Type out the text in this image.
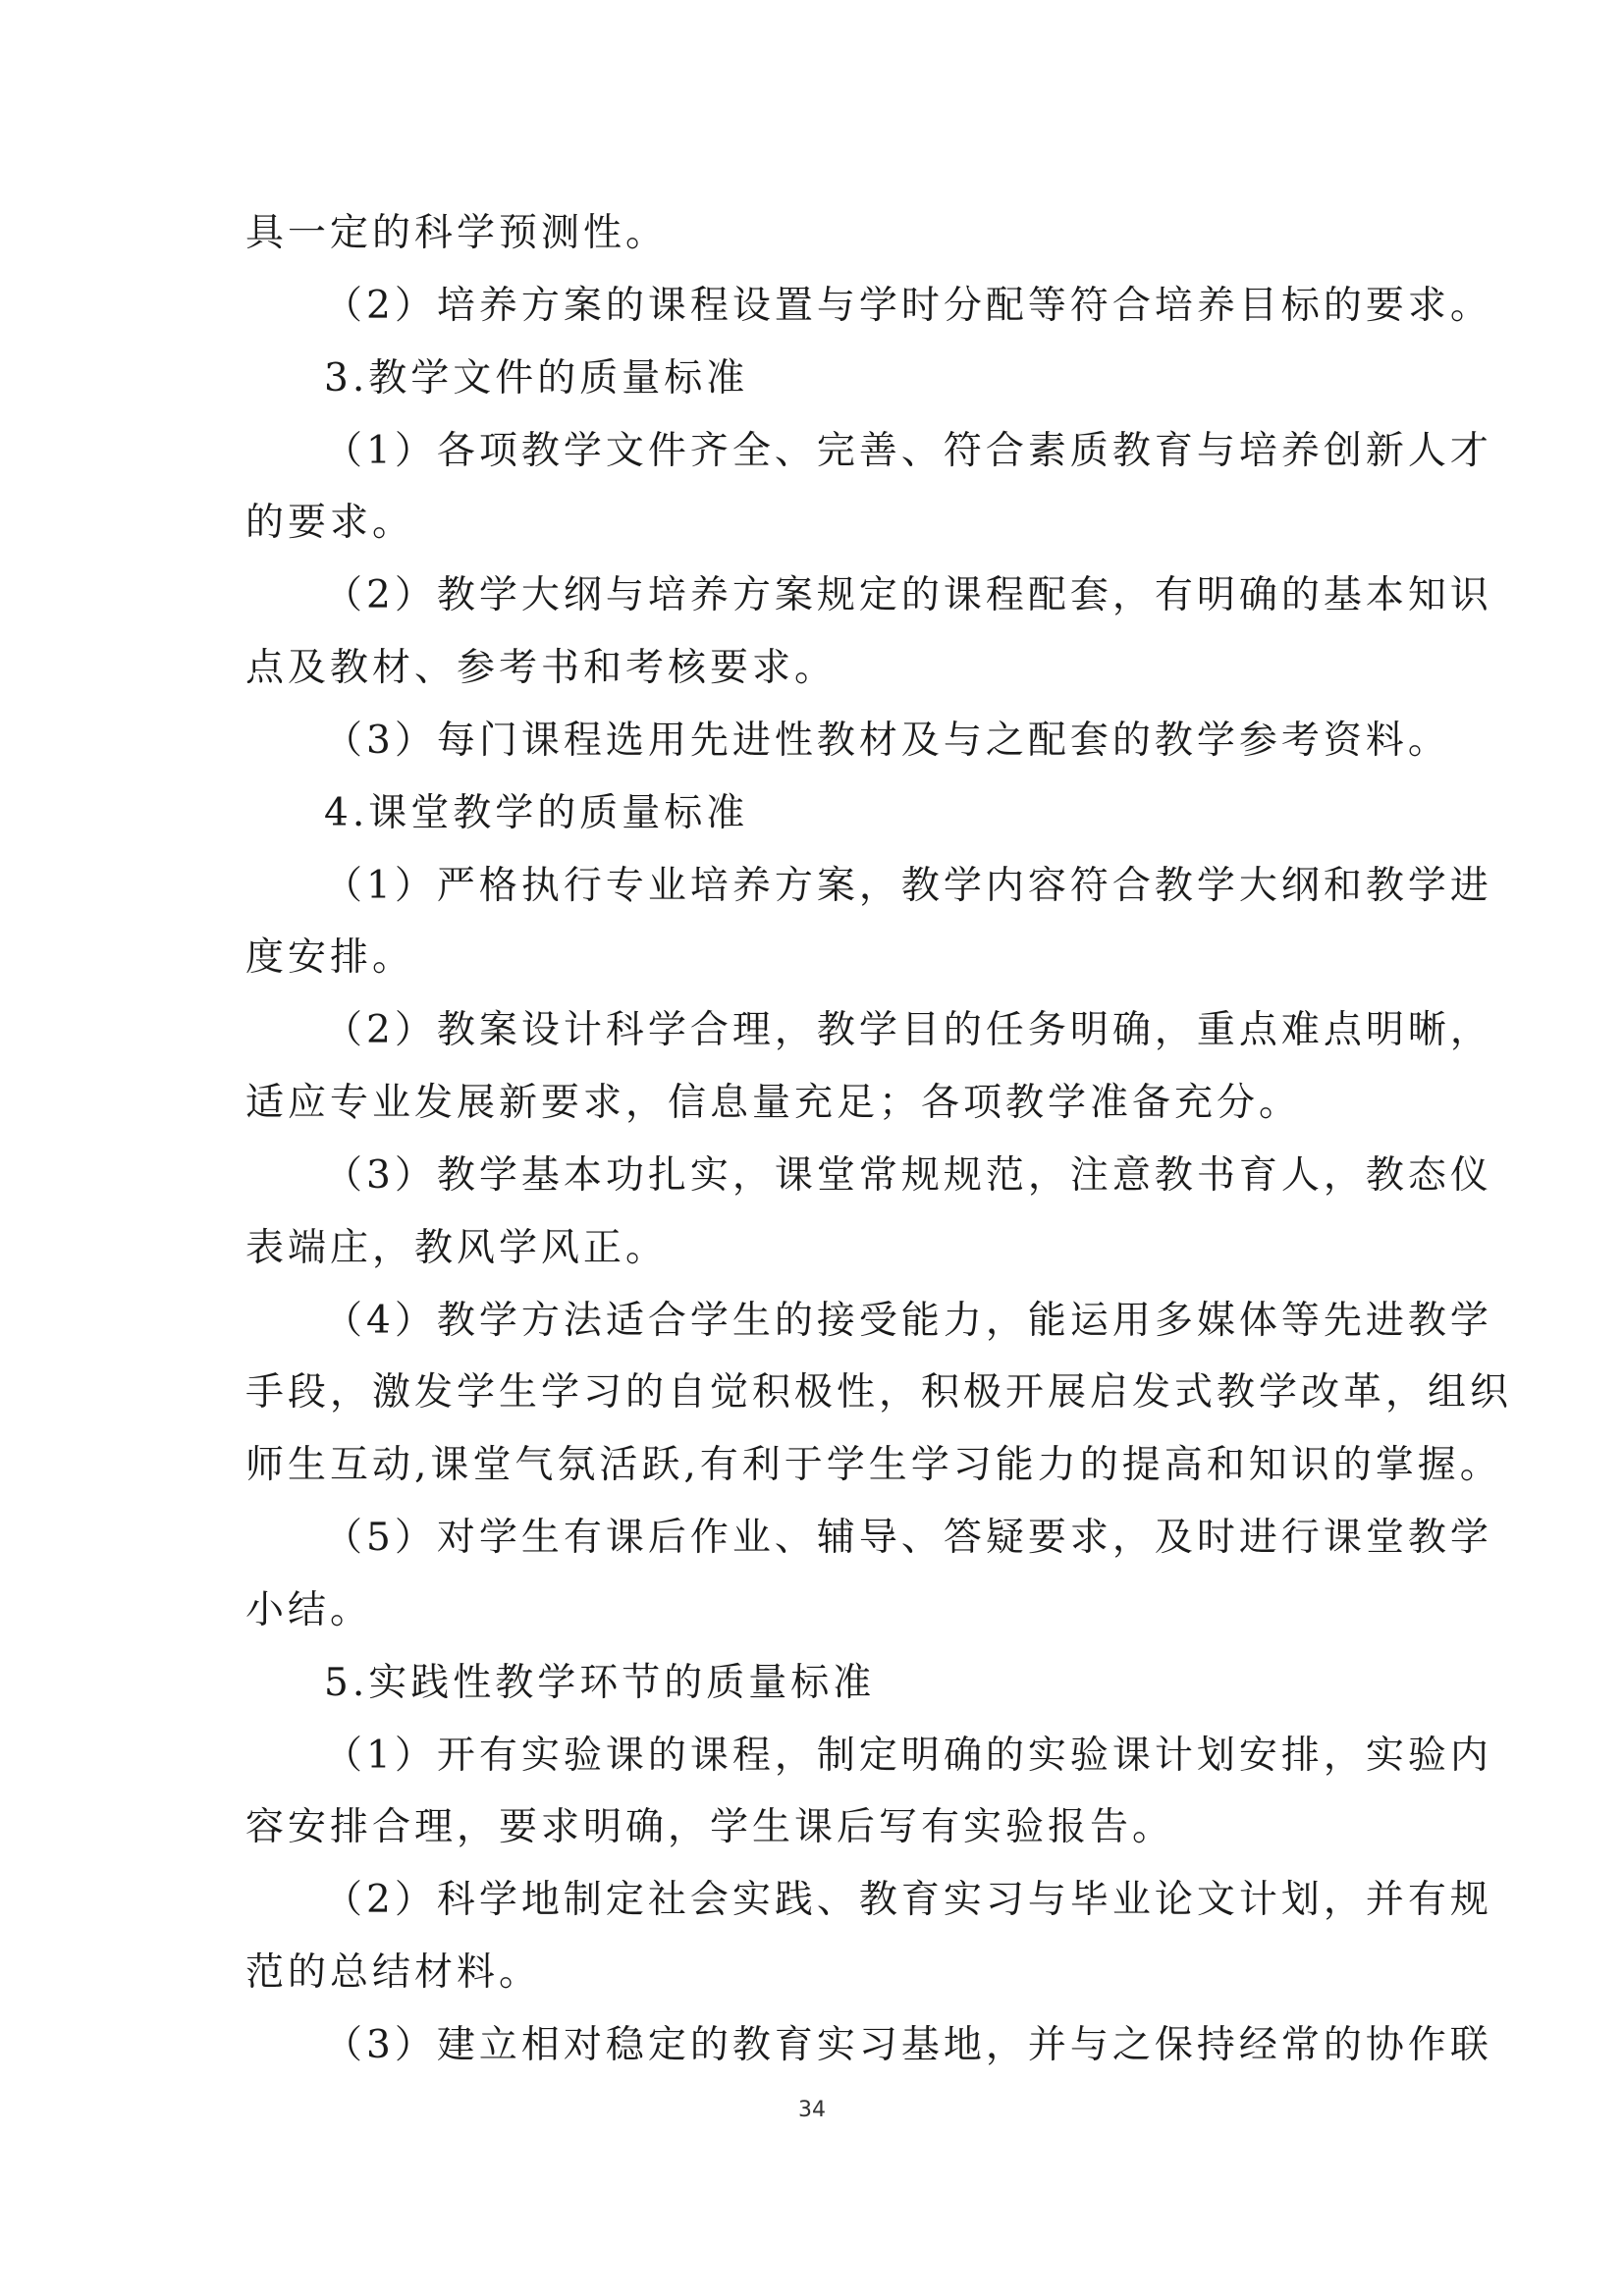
具一定的科学预测性。
（2）培养方案的课程设置与学时分配等符合培养目标的要求。
3.教学文件的质量标准
（1）各项教学文件齐全、完善、符合素质教育与培养创新人才
的要求。
（2）教学大纲与培养方案规定的课程配套，有明确的基本知识
点及教材、参考书和考核要求。
（3）每门课程选用先进性教材及与之配套的教学参考资料。
4.课堂教学的质量标准
（1）严格执行专业培养方案，教学内容符合教学大纲和教学进
度安排。
（2）教案设计科学合理，教学目的任务明确，重点难点明晰，
适应专业发展新要求，信息量充足；各项教学准备充分。
（3）教学基本功扎实，课堂常规规范，注意教书育人，教态仪
表端庄，教风学风正。
（4）教学方法适合学生的接受能力，能运用多媒体等先进教学
手段，激发学生学习的自觉积极性，积极开展启发式教学改革，组织
师生互动,课堂气氛活跃,有利于学生学习能力的提高和知识的掌握。
（5）对学生有课后作业、辅导、答疑要求，及时进行课堂教学
小结。
5.实践性教学环节的质量标准
（1）开有实验课的课程，制定明确的实验课计划安排，实验内
容安排合理，要求明确，学生课后写有实验报告。
（2）科学地制定社会实践、教育实习与毕业论文计划，并有规
范的总结材料。
（3）建立相对稳定的教育实习基地，并与之保持经常的协作联
34
